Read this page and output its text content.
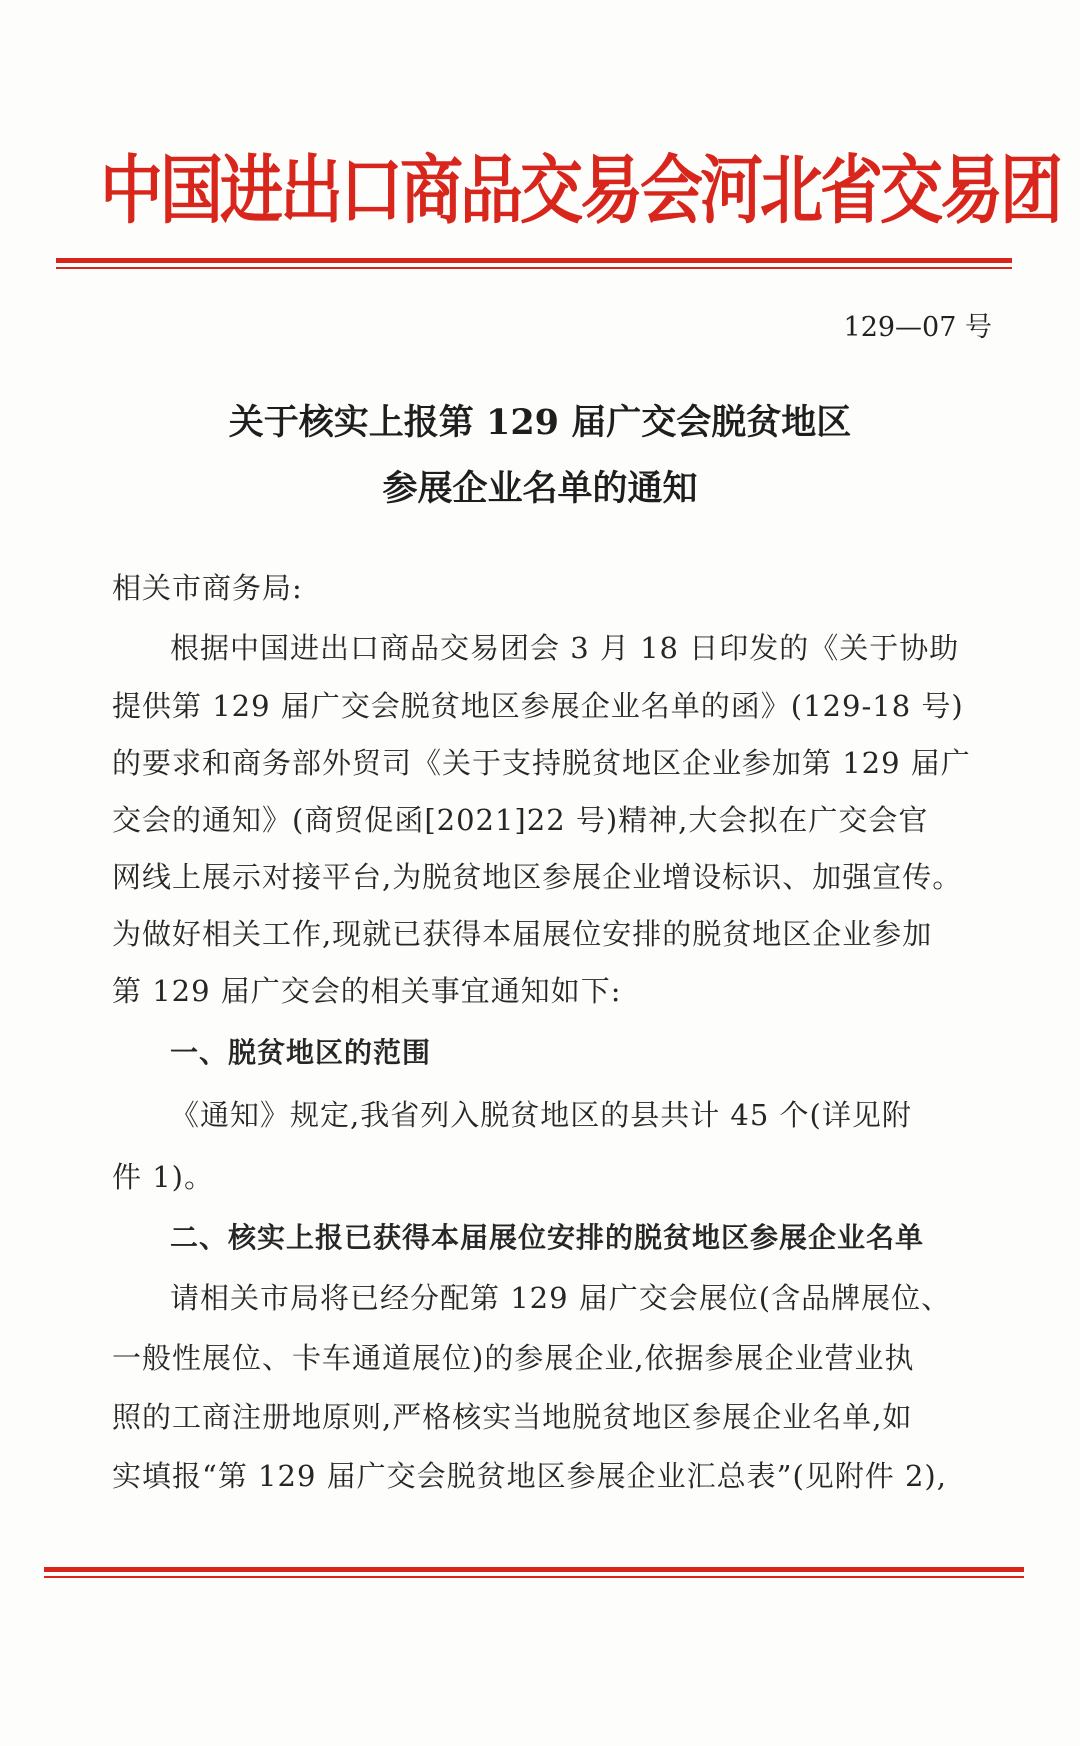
中国进出口商品交易会河北省交易团
129—07 号
关于核实上报第 129 届广交会脱贫地区
参展企业名单的通知
相关市商务局:
根据中国进出口商品交易团会 3 月 18 日印发的《关于协助
提供第 129 届广交会脱贫地区参展企业名单的函》(129-18 号)
的要求和商务部外贸司《关于支持脱贫地区企业参加第 129 届广
交会的通知》(商贸促函[2021]22 号)精神,大会拟在广交会官
网线上展示对接平台,为脱贫地区参展企业增设标识、加强宣传。
为做好相关工作,现就已获得本届展位安排的脱贫地区企业参加
第 129 届广交会的相关事宜通知如下:
一、脱贫地区的范围
《通知》规定,我省列入脱贫地区的县共计 45 个(详见附
件 1)。
二、核实上报已获得本届展位安排的脱贫地区参展企业名单
请相关市局将已经分配第 129 届广交会展位(含品牌展位、
一般性展位、卡车通道展位)的参展企业,依据参展企业营业执
照的工商注册地原则,严格核实当地脱贫地区参展企业名单,如
实填报“第 129 届广交会脱贫地区参展企业汇总表”(见附件 2),
